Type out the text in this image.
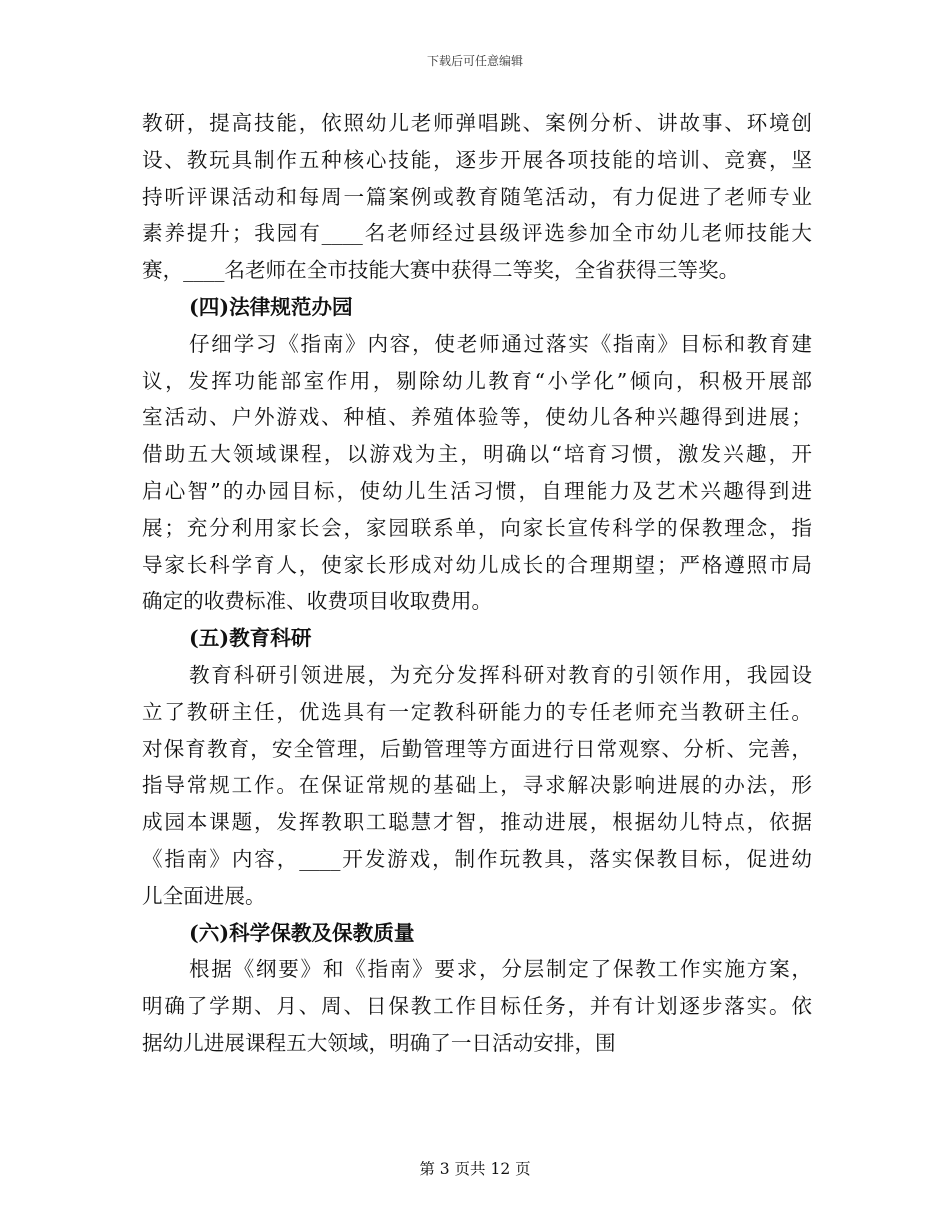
下载后可任意编辑
教研，提高技能，依照幼儿老师弹唱跳、案例分析、讲故事、环境创
设、教玩具制作五种核心技能，逐步开展各项技能的培训、竞赛，坚
持听评课活动和每周一篇案例或教育随笔活动，有力促进了老师专业
素养提升；我园有____名老师经过县级评选参加全市幼儿老师技能大
赛，____名老师在全市技能大赛中获得二等奖，全省获得三等奖。
(四)法律规范办园
仔细学习《指南》内容，使老师通过落实《指南》目标和教育建
议，发挥功能部室作用，剔除幼儿教育“小学化”倾向，积极开展部
室活动、户外游戏、种植、养殖体验等，使幼儿各种兴趣得到进展；
借助五大领域课程，以游戏为主，明确以“培育习惯，激发兴趣，开
启心智”的办园目标，使幼儿生活习惯，自理能力及艺术兴趣得到进
展；充分利用家长会，家园联系单，向家长宣传科学的保教理念，指
导家长科学育人，使家长形成对幼儿成长的合理期望；严格遵照市局
确定的收费标准、收费项目收取费用。
(五)教育科研
教育科研引领进展，为充分发挥科研对教育的引领作用，我园设
立了教研主任，优选具有一定教科研能力的专任老师充当教研主任。
对保育教育，安全管理，后勤管理等方面进行日常观察、分析、完善，
指导常规工作。在保证常规的基础上，寻求解决影响进展的办法，形
成园本课题，发挥教职工聪慧才智，推动进展，根据幼儿特点，依据
《指南》内容，____开发游戏，制作玩教具，落实保教目标，促进幼
儿全面进展。
(六)科学保教及保教质量
根据《纲要》和《指南》要求，分层制定了保教工作实施方案，
明确了学期、月、周、日保教工作目标任务，并有计划逐步落实。依
据幼儿进展课程五大领域，明确了一日活动安排，围
第 3 页共 12 页
